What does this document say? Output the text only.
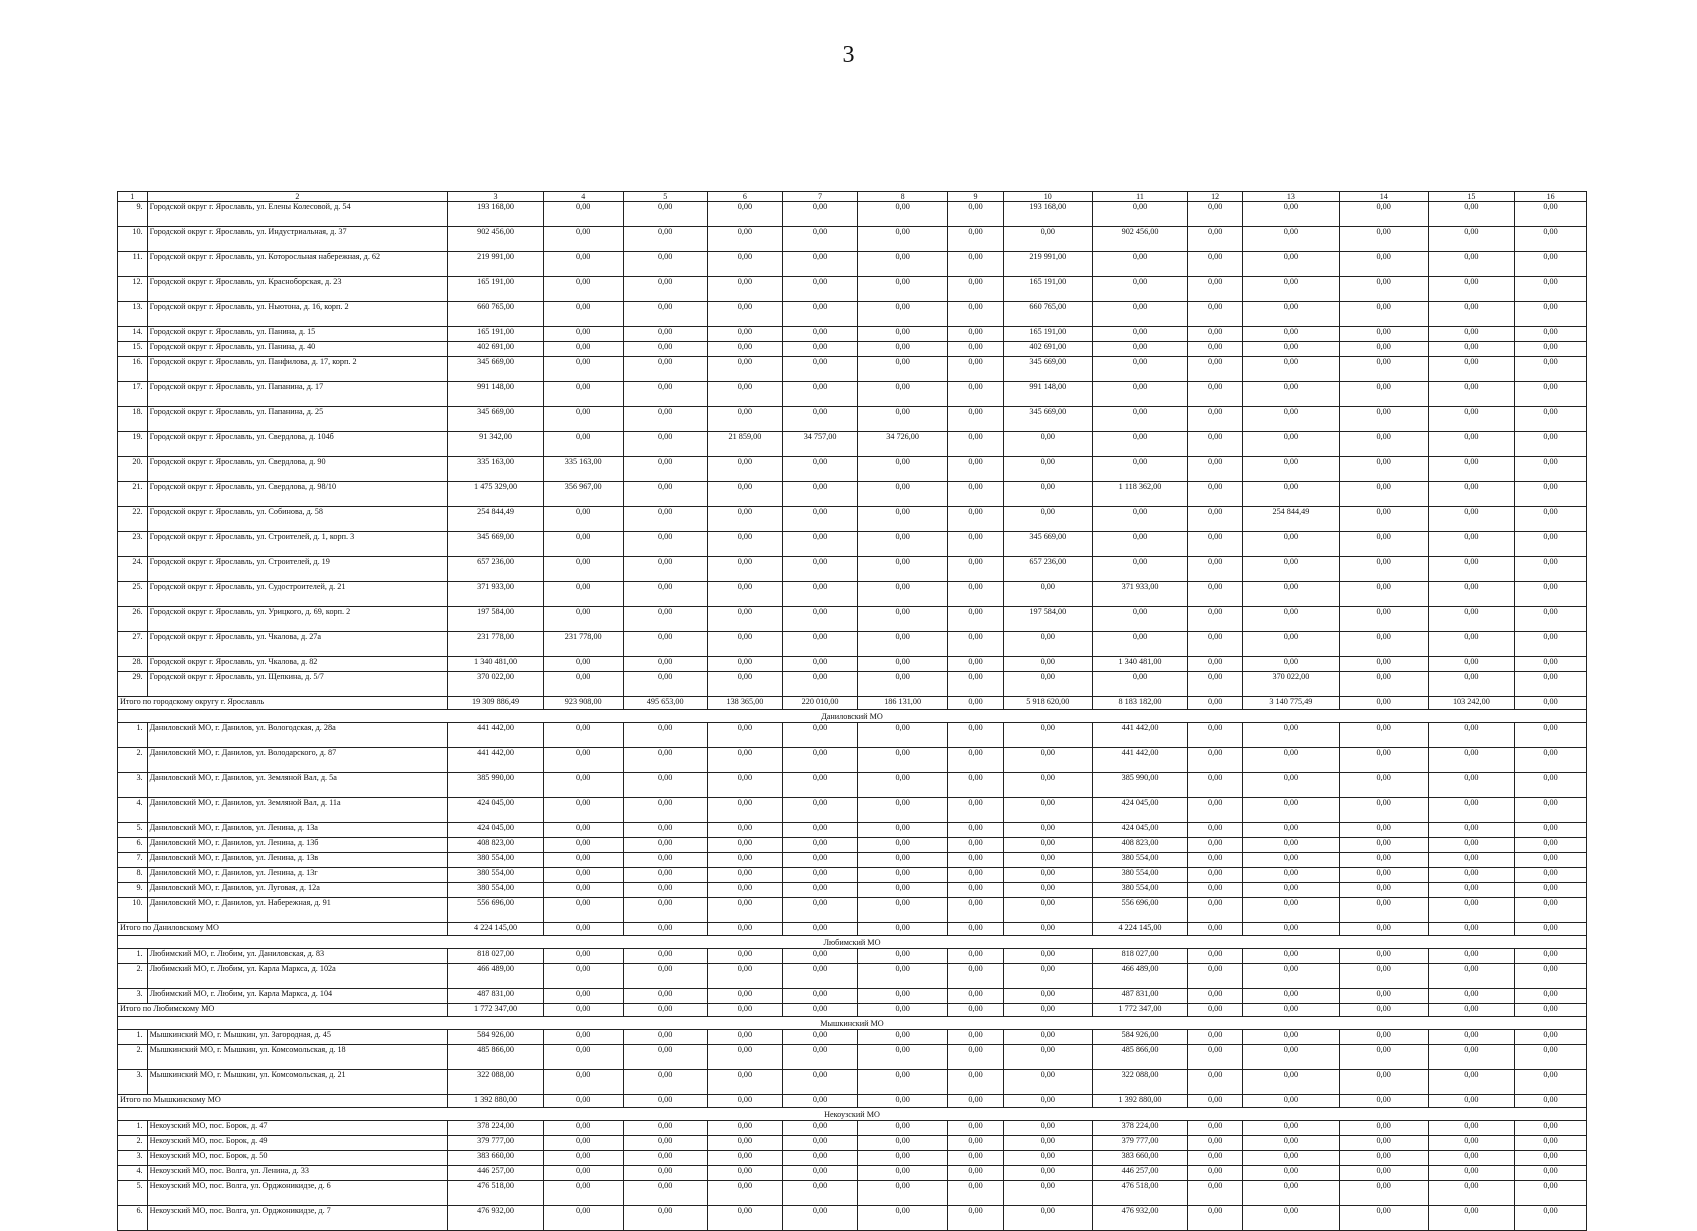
3
1	2	3	4	5	6	7	8	9	10	11	12	13	14	15	16
9.	Городской округ г. Ярославль, ул. Елены Колесовой, д. 54	193 168,00	0,00	0,00	0,00	0,00	0,00	0,00	193 168,00	0,00	0,00	0,00	0,00	0,00	0,00
10.	Городской округ г. Ярославль, ул. Индустриальная, д. 37	902 456,00	0,00	0,00	0,00	0,00	0,00	0,00	0,00	902 456,00	0,00	0,00	0,00	0,00	0,00
11.	Городской округ г. Ярославль, ул. Которосльная набережная, д. 62	219 991,00	0,00	0,00	0,00	0,00	0,00	0,00	219 991,00	0,00	0,00	0,00	0,00	0,00	0,00
12.	Городской округ г. Ярославль, ул. Красноборская, д. 23	165 191,00	0,00	0,00	0,00	0,00	0,00	0,00	165 191,00	0,00	0,00	0,00	0,00	0,00	0,00
13.	Городской округ г. Ярославль, ул. Ньютона, д. 16, корп. 2	660 765,00	0,00	0,00	0,00	0,00	0,00	0,00	660 765,00	0,00	0,00	0,00	0,00	0,00	0,00
14.	Городской округ г. Ярославль, ул. Панина, д. 15	165 191,00	0,00	0,00	0,00	0,00	0,00	0,00	165 191,00	0,00	0,00	0,00	0,00	0,00	0,00
15.	Городской округ г. Ярославль, ул. Панина, д. 40	402 691,00	0,00	0,00	0,00	0,00	0,00	0,00	402 691,00	0,00	0,00	0,00	0,00	0,00	0,00
16.	Городской округ г. Ярославль, ул. Панфилова, д. 17, корп. 2	345 669,00	0,00	0,00	0,00	0,00	0,00	0,00	345 669,00	0,00	0,00	0,00	0,00	0,00	0,00
17.	Городской округ г. Ярославль, ул. Папанина, д. 17	991 148,00	0,00	0,00	0,00	0,00	0,00	0,00	991 148,00	0,00	0,00	0,00	0,00	0,00	0,00
18.	Городской округ г. Ярославль, ул. Папанина, д. 25	345 669,00	0,00	0,00	0,00	0,00	0,00	0,00	345 669,00	0,00	0,00	0,00	0,00	0,00	0,00
19.	Городской округ г. Ярославль, ул. Свердлова, д. 104б	91 342,00	0,00	0,00	21 859,00	34 757,00	34 726,00	0,00	0,00	0,00	0,00	0,00	0,00	0,00	0,00
20.	Городской округ г. Ярославль, ул. Свердлова, д. 90	335 163,00	335 163,00	0,00	0,00	0,00	0,00	0,00	0,00	0,00	0,00	0,00	0,00	0,00	0,00
21.	Городской округ г. Ярославль, ул. Свердлова, д. 98/10	1 475 329,00	356 967,00	0,00	0,00	0,00	0,00	0,00	0,00	1 118 362,00	0,00	0,00	0,00	0,00	0,00
22.	Городской округ г. Ярославль, ул. Собинова, д. 58	254 844,49	0,00	0,00	0,00	0,00	0,00	0,00	0,00	0,00	0,00	254 844,49	0,00	0,00	0,00
23.	Городской округ г. Ярославль, ул. Строителей, д. 1, корп. 3	345 669,00	0,00	0,00	0,00	0,00	0,00	0,00	345 669,00	0,00	0,00	0,00	0,00	0,00	0,00
24.	Городской округ г. Ярославль, ул. Строителей, д. 19	657 236,00	0,00	0,00	0,00	0,00	0,00	0,00	657 236,00	0,00	0,00	0,00	0,00	0,00	0,00
25.	Городской округ г. Ярославль, ул. Судостроителей, д. 21	371 933,00	0,00	0,00	0,00	0,00	0,00	0,00	0,00	371 933,00	0,00	0,00	0,00	0,00	0,00
26.	Городской округ г. Ярославль, ул. Урицкого, д. 69, корп. 2	197 584,00	0,00	0,00	0,00	0,00	0,00	0,00	197 584,00	0,00	0,00	0,00	0,00	0,00	0,00
27.	Городской округ г. Ярославль, ул. Чкалова, д. 27а	231 778,00	231 778,00	0,00	0,00	0,00	0,00	0,00	0,00	0,00	0,00	0,00	0,00	0,00	0,00
28.	Городской округ г. Ярославль, ул. Чкалова, д. 82	1 340 481,00	0,00	0,00	0,00	0,00	0,00	0,00	0,00	1 340 481,00	0,00	0,00	0,00	0,00	0,00
29.	Городской округ г. Ярославль, ул. Щепкина, д. 5/7	370 022,00	0,00	0,00	0,00	0,00	0,00	0,00	0,00	0,00	0,00	370 022,00	0,00	0,00	0,00
Итого по городскому округу г. Ярославль		19 309 886,49	923 908,00	495 653,00	138 365,00	220 010,00	186 131,00	0,00	5 918 620,00	8 183 182,00	0,00	3 140 775,49	0,00	103 242,00	0,00
Даниловский МО															
1.	Даниловский МО, г. Данилов, ул. Вологодская, д. 28а	441 442,00	0,00	0,00	0,00	0,00	0,00	0,00	0,00	441 442,00	0,00	0,00	0,00	0,00	0,00
2.	Даниловский МО, г. Данилов, ул. Володарского, д. 87	441 442,00	0,00	0,00	0,00	0,00	0,00	0,00	0,00	441 442,00	0,00	0,00	0,00	0,00	0,00
3.	Даниловский МО, г. Данилов, ул. Земляной Вал, д. 5а	385 990,00	0,00	0,00	0,00	0,00	0,00	0,00	0,00	385 990,00	0,00	0,00	0,00	0,00	0,00
4.	Даниловский МО, г. Данилов, ул. Земляной Вал, д. 11а	424 045,00	0,00	0,00	0,00	0,00	0,00	0,00	0,00	424 045,00	0,00	0,00	0,00	0,00	0,00
5.	Даниловский МО, г. Данилов, ул. Ленина, д. 13а	424 045,00	0,00	0,00	0,00	0,00	0,00	0,00	0,00	424 045,00	0,00	0,00	0,00	0,00	0,00
6.	Даниловский МО, г. Данилов, ул. Ленина, д. 13б	408 823,00	0,00	0,00	0,00	0,00	0,00	0,00	0,00	408 823,00	0,00	0,00	0,00	0,00	0,00
7.	Даниловский МО, г. Данилов, ул. Ленина, д. 13в	380 554,00	0,00	0,00	0,00	0,00	0,00	0,00	0,00	380 554,00	0,00	0,00	0,00	0,00	0,00
8.	Даниловский МО, г. Данилов, ул. Ленина, д. 13г	380 554,00	0,00	0,00	0,00	0,00	0,00	0,00	0,00	380 554,00	0,00	0,00	0,00	0,00	0,00
9.	Даниловский МО, г. Данилов, ул. Луговая, д. 12а	380 554,00	0,00	0,00	0,00	0,00	0,00	0,00	0,00	380 554,00	0,00	0,00	0,00	0,00	0,00
10.	Даниловский МО, г. Данилов, ул. Набережная, д. 91	556 696,00	0,00	0,00	0,00	0,00	0,00	0,00	0,00	556 696,00	0,00	0,00	0,00	0,00	0,00
Итого по Даниловскому МО		4 224 145,00	0,00	0,00	0,00	0,00	0,00	0,00	0,00	4 224 145,00	0,00	0,00	0,00	0,00	0,00
Любимский МО															
1.	Любимский МО, г. Любим, ул. Даниловская, д. 83	818 027,00	0,00	0,00	0,00	0,00	0,00	0,00	0,00	818 027,00	0,00	0,00	0,00	0,00	0,00
2.	Любимский МО, г. Любим, ул. Карла Маркса, д. 102а	466 489,00	0,00	0,00	0,00	0,00	0,00	0,00	0,00	466 489,00	0,00	0,00	0,00	0,00	0,00
3.	Любимский МО, г. Любим, ул. Карла Маркса, д. 104	487 831,00	0,00	0,00	0,00	0,00	0,00	0,00	0,00	487 831,00	0,00	0,00	0,00	0,00	0,00
Итого по Любимскому МО		1 772 347,00	0,00	0,00	0,00	0,00	0,00	0,00	0,00	1 772 347,00	0,00	0,00	0,00	0,00	0,00
Мышкинский МО															
1.	Мышкинский МО, г. Мышкин, ул. Загородная, д. 45	584 926,00	0,00	0,00	0,00	0,00	0,00	0,00	0,00	584 926,00	0,00	0,00	0,00	0,00	0,00
2.	Мышкинский МО, г. Мышкин, ул. Комсомольская, д. 18	485 866,00	0,00	0,00	0,00	0,00	0,00	0,00	0,00	485 866,00	0,00	0,00	0,00	0,00	0,00
3.	Мышкинский МО, г. Мышкин, ул. Комсомольская, д. 21	322 088,00	0,00	0,00	0,00	0,00	0,00	0,00	0,00	322 088,00	0,00	0,00	0,00	0,00	0,00
Итого по Мышкинскому МО		1 392 880,00	0,00	0,00	0,00	0,00	0,00	0,00	0,00	1 392 880,00	0,00	0,00	0,00	0,00	0,00
Некоузский МО															
1.	Некоузский МО, пос. Борок, д. 47	378 224,00	0,00	0,00	0,00	0,00	0,00	0,00	0,00	378 224,00	0,00	0,00	0,00	0,00	0,00
2.	Некоузский МО, пос. Борок, д. 49	379 777,00	0,00	0,00	0,00	0,00	0,00	0,00	0,00	379 777,00	0,00	0,00	0,00	0,00	0,00
3.	Некоузский МО, пос. Борок, д. 50	383 660,00	0,00	0,00	0,00	0,00	0,00	0,00	0,00	383 660,00	0,00	0,00	0,00	0,00	0,00
4.	Некоузский МО, пос. Волга, ул. Ленина, д. 33	446 257,00	0,00	0,00	0,00	0,00	0,00	0,00	0,00	446 257,00	0,00	0,00	0,00	0,00	0,00
5.	Некоузский МО, пос. Волга, ул. Орджоникидзе, д. 6	476 518,00	0,00	0,00	0,00	0,00	0,00	0,00	0,00	476 518,00	0,00	0,00	0,00	0,00	0,00
6.	Некоузский МО, пос. Волга, ул. Орджоникидзе, д. 7	476 932,00	0,00	0,00	0,00	0,00	0,00	0,00	0,00	476 932,00	0,00	0,00	0,00	0,00	0,00
